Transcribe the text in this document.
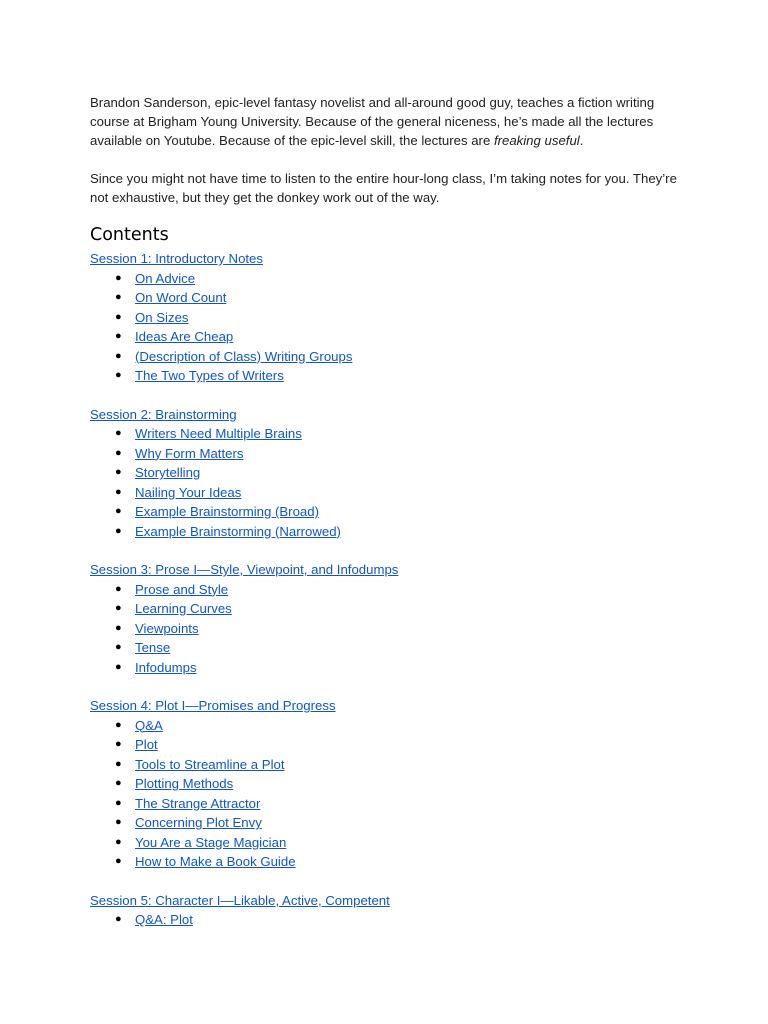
Brandon Sanderson, epic-level fantasy novelist and all-around good guy, teaches a fiction writing course at Brigham Young University. Because of the general niceness, he’s made all the lectures available on Youtube. Because of the epic-level skill, the lectures are freaking useful.

Since you might not have time to listen to the entire hour-long class, I’m taking notes for you. They’re not exhaustive, but they get the donkey work out of the way.

Contents
Session 1: Introductory Notes
● On Advice
● On Word Count
● On Sizes
● Ideas Are Cheap
● (Description of Class) Writing Groups
● The Two Types of Writers
Session 2: Brainstorming
● Writers Need Multiple Brains
● Why Form Matters
● Storytelling
● Nailing Your Ideas
● Example Brainstorming (Broad)
● Example Brainstorming (Narrowed)
Session 3: Prose I—Style, Viewpoint, and Infodumps
● Prose and Style
● Learning Curves
● Viewpoints
● Tense
● Infodumps
Session 4: Plot I—Promises and Progress
● Q&A
● Plot
● Tools to Streamline a Plot
● Plotting Methods
● The Strange Attractor
● Concerning Plot Envy
● You Are a Stage Magician
● How to Make a Book Guide
Session 5: Character I—Likable, Active, Competent
● Q&A: Plot
